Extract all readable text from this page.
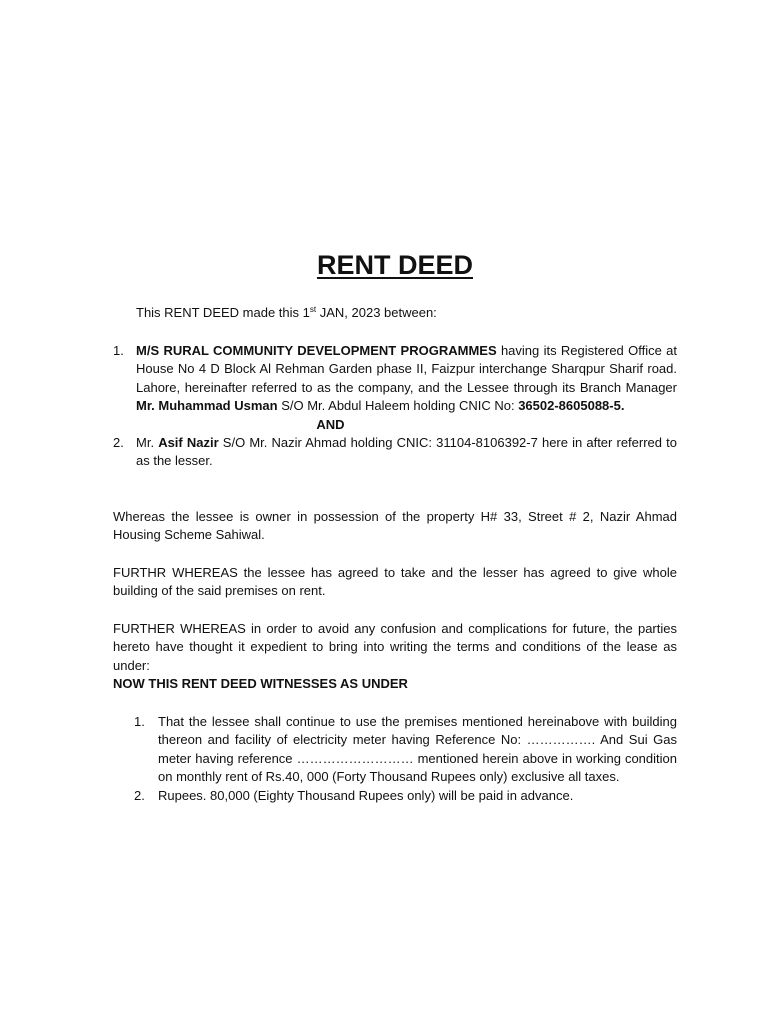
RENT DEED
This RENT DEED made this 1st JAN, 2023 between:
1. M/S RURAL COMMUNITY DEVELOPMENT PROGRAMMES having its Registered Office at House No 4 D Block Al Rehman Garden phase II, Faizpur interchange Sharqpur Sharif road. Lahore, hereinafter referred to as the company, and the Lessee through its Branch Manager Mr. Muhammad Usman S/O Mr. Abdul Haleem holding CNIC No: 36502-8605088-5.
AND
2. Mr. Asif Nazir S/O Mr. Nazir Ahmad holding CNIC: 31104-8106392-7 here in after referred to as the lesser.
Whereas the lessee is owner in possession of the property H# 33, Street # 2, Nazir Ahmad Housing Scheme Sahiwal.
FURTHR WHEREAS the lessee has agreed to take and the lesser has agreed to give whole building of the said premises on rent.
FURTHER WHEREAS in order to avoid any confusion and complications for future, the parties hereto have thought it expedient to bring into writing the terms and conditions of the lease as under:
NOW THIS RENT DEED WITNESSES AS UNDER
1. That the lessee shall continue to use the premises mentioned hereinabove with building thereon and facility of electricity meter having Reference No: ……………. And Sui Gas meter having reference ……………………… mentioned herein above in working condition on monthly rent of Rs.40, 000 (Forty Thousand Rupees only) exclusive all taxes.
2. Rupees. 80,000 (Eighty Thousand Rupees only) will be paid in advance.
